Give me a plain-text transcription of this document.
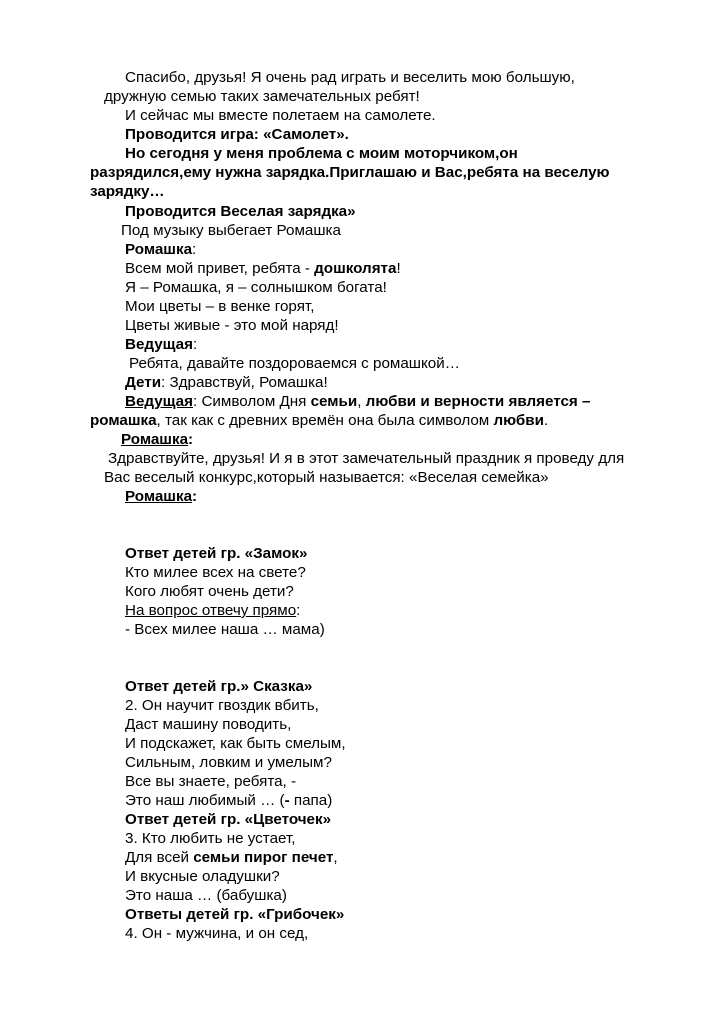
Спасибо, друзья! Я очень рад играть и веселить мою большую,
дружную семью таких замечательных ребят!
И сейчас мы вместе полетаем на самолете.
Проводится игра: «Самолет».
Но сегодня у меня проблема с моим моторчиком,он
разрядился,ему нужна зарядка.Приглашаю и Вас,ребята на веселую
зарядку…
Проводится Веселая зарядка»
Под музыку выбегает Ромашка
Ромашка:
Всем мой привет, ребята - дошколята!
Я – Ромашка, я – солнышком богата!
Мои цветы – в венке горят,
Цветы живые - это мой наряд!
Ведущая:
Ребята, давайте поздороваемся с ромашкой…
Дети: Здравствуй, Ромашка!
Ведущая: Символом Дня семьи, любви и верности является –
ромашка, так как с древних времён она была символом любви.
Ромашка:
Здравствуйте, друзья! И я в этот замечательный праздник я проведу для
Вас веселый конкурс,который называется: «Веселая семейка»
Ромашка:
Ответ детей гр. «Замок»
Кто милее всех на свете?
Кого любят очень дети?
На вопрос отвечу прямо:
- Всех милее наша … мама)
Ответ детей гр.» Сказка»
2. Он научит гвоздик вбить,
Даст машину поводить,
И подскажет, как быть смелым,
Сильным, ловким и умелым?
Все вы знаете, ребята, -
Это наш любимый … (- папа)
Ответ детей гр. «Цветочек»
3. Кто любить не устает,
Для всей семьи пирог печет,
И вкусные оладушки?
Это наша … (бабушка)
Ответы детей гр. «Грибочек»
4. Он - мужчина, и он сед,
